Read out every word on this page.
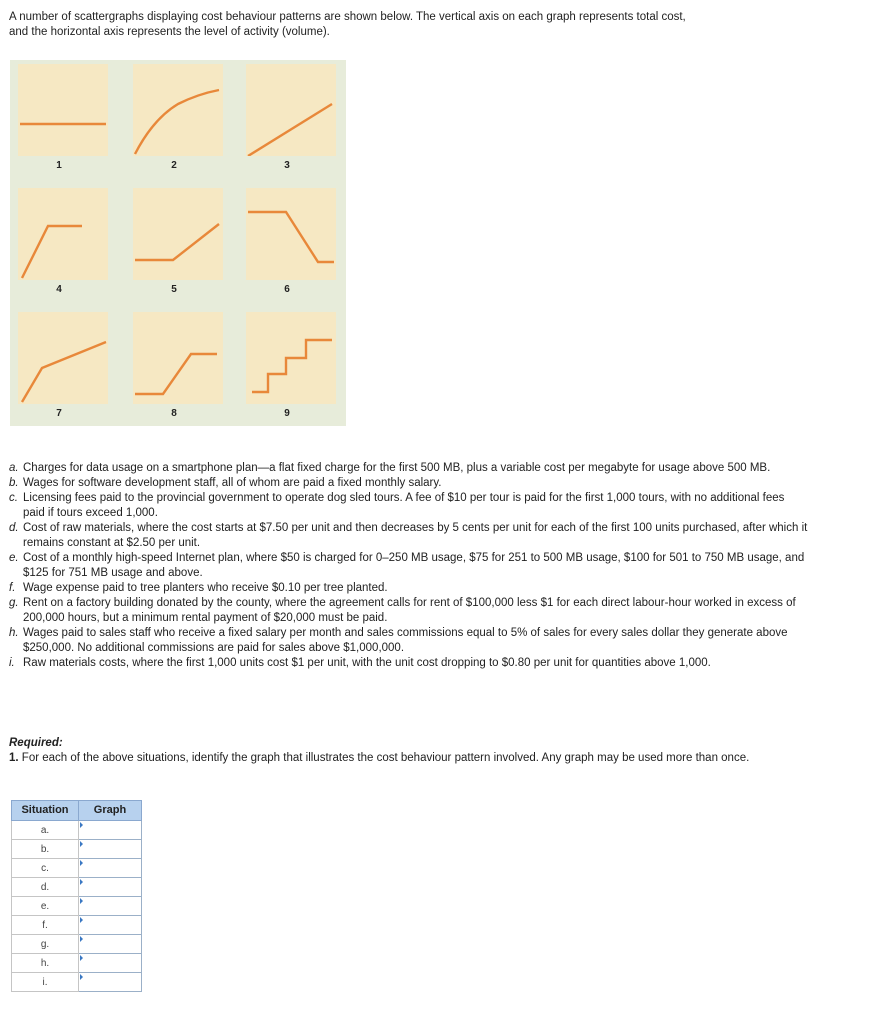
A number of scattergraphs displaying cost behaviour patterns are shown below. The vertical axis on each graph represents total cost,

and the horizontal axis represents the level of activity (volume).

1	2	3
4	5	6
7	8	9
a. Charges for data usage on a smartphone plan—a flat fixed charge for the first 500 MB, plus a variable cost per megabyte for usage above 500 MB.
b. Wages for software development staff, all of whom are paid a fixed monthly salary.
c. Licensing fees paid to the provincial government to operate dog sled tours. A fee of $10 per tour is paid for the first 1,000 tours, with no additional fees paid if tours exceed 1,000.
d. Cost of raw materials, where the cost starts at $7.50 per unit and then decreases by 5 cents per unit for each of the first 100 units purchased, after which it remains constant at $2.50 per unit.
e. Cost of a monthly high-speed Internet plan, where $50 is charged for 0–250 MB usage, $75 for 251 to 500 MB usage, $100 for 501 to 750 MB usage, and $125 for 751 MB usage and above.
f. Wage expense paid to tree planters who receive $0.10 per tree planted.
g. Rent on a factory building donated by the county, where the agreement calls for rent of $100,000 less $1 for each direct labour-hour worked in excess of 200,000 hours, but a minimum rental payment of $20,000 must be paid.
h. Wages paid to sales staff who receive a fixed salary per month and sales commissions equal to 5% of sales for every sales dollar they generate above $250,000. No additional commissions are paid for sales above $1,000,000.
i. Raw materials costs, where the first 1,000 units cost $1 per unit, with the unit cost dropping to $0.80 per unit for quantities above 1,000.

Required:

1. For each of the above situations, identify the graph that illustrates the cost behaviour pattern involved. Any graph may be used more than once.

Situation	Graph
a.	
b.	
c.	
d.	
e.	
f.	
g.	
h.	
i.	
